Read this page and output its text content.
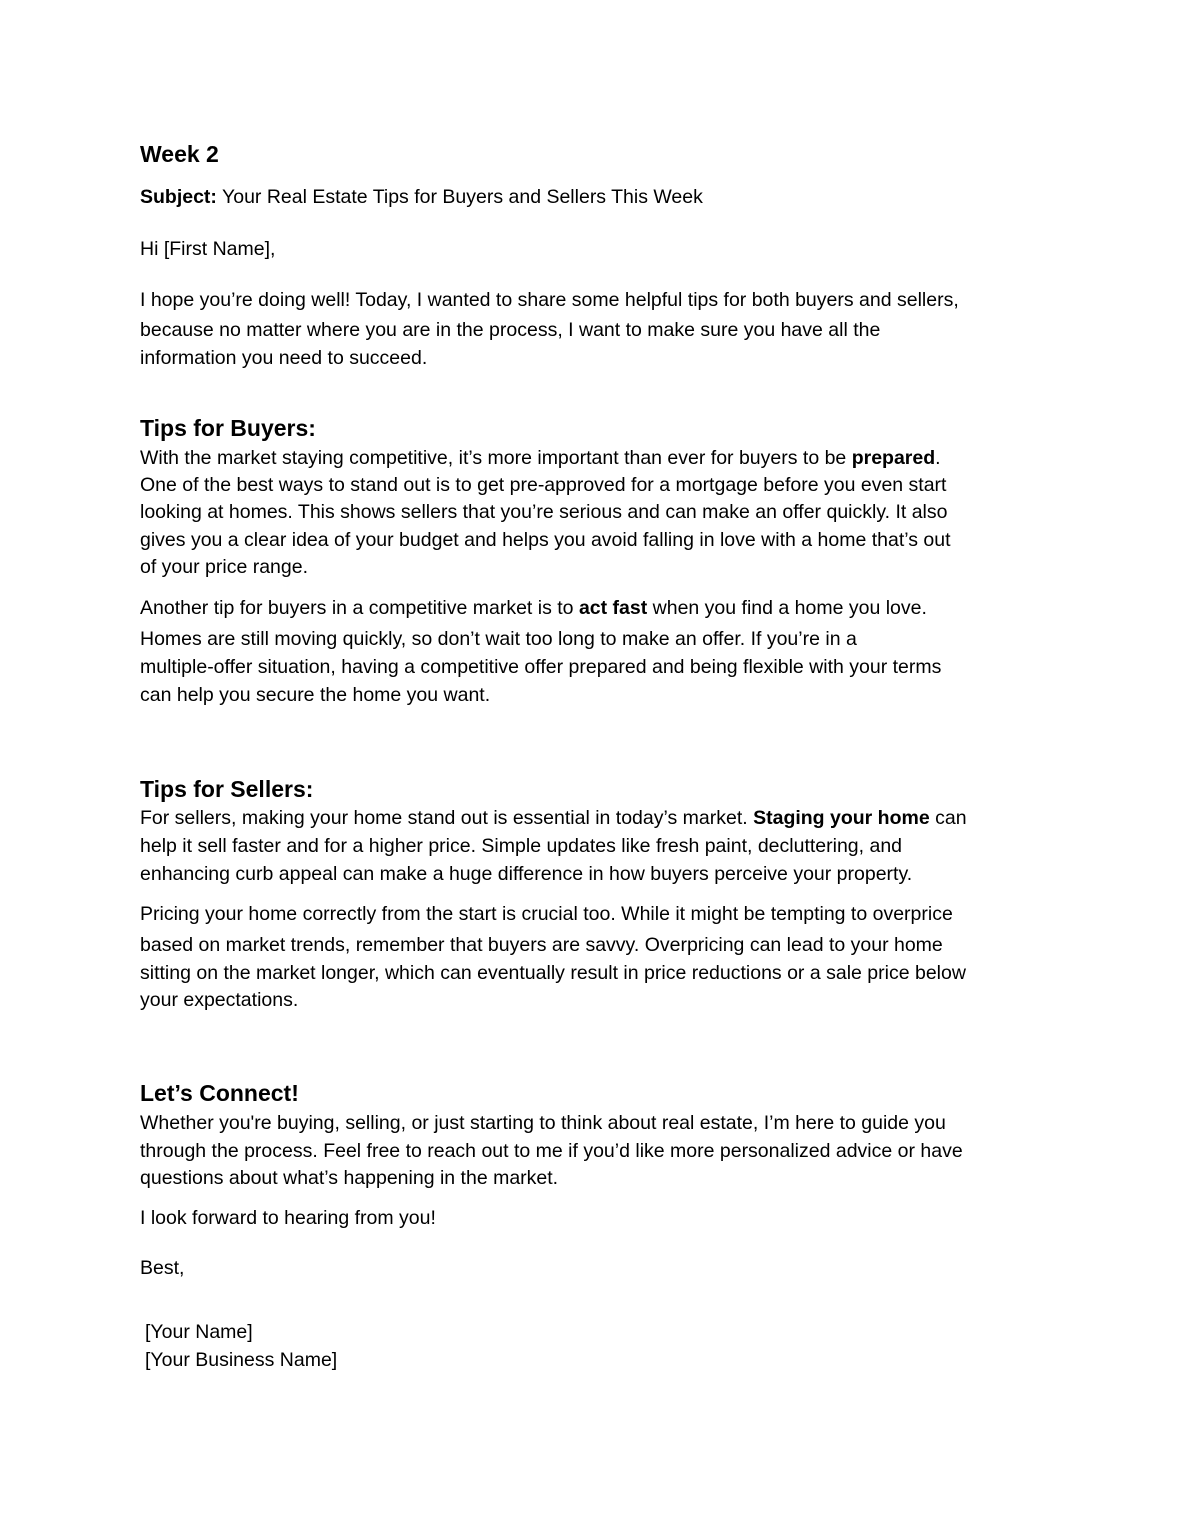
Week 2
Subject: Your Real Estate Tips for Buyers and Sellers This Week
Hi [First Name],
I hope you’re doing well! Today, I wanted to share some helpful tips for both buyers and sellers,
because no matter where you are in the process, I want to make sure you have all the
information you need to succeed.
Tips for Buyers:
With the market staying competitive, it’s more important than ever for buyers to be prepared.
One of the best ways to stand out is to get pre-approved for a mortgage before you even start
looking at homes. This shows sellers that you’re serious and can make an offer quickly. It also
gives you a clear idea of your budget and helps you avoid falling in love with a home that’s out
of your price range.
Another tip for buyers in a competitive market is to act fast when you find a home you love.
Homes are still moving quickly, so don’t wait too long to make an offer. If you’re in a
multiple-offer situation, having a competitive offer prepared and being flexible with your terms
can help you secure the home you want.
Tips for Sellers:
For sellers, making your home stand out is essential in today’s market. Staging your home can
help it sell faster and for a higher price. Simple updates like fresh paint, decluttering, and
enhancing curb appeal can make a huge difference in how buyers perceive your property.
Pricing your home correctly from the start is crucial too. While it might be tempting to overprice
based on market trends, remember that buyers are savvy. Overpricing can lead to your home
sitting on the market longer, which can eventually result in price reductions or a sale price below
your expectations.
Let’s Connect!
Whether you're buying, selling, or just starting to think about real estate, I’m here to guide you
through the process. Feel free to reach out to me if you’d like more personalized advice or have
questions about what’s happening in the market.
I look forward to hearing from you!
Best,
[Your Name]
[Your Business Name]
